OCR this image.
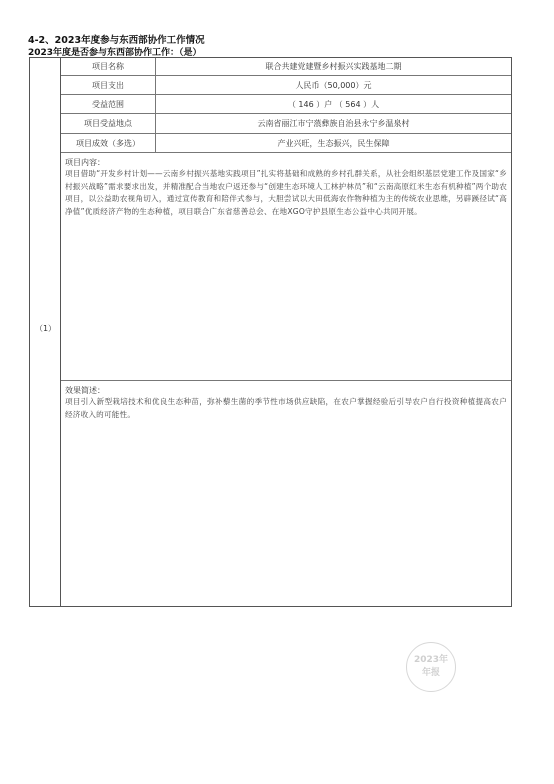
4-2、2023年度参与东西部协作工作情况
2023年度是否参与东西部协作工作：（是）
（1）
项目名称	联合共建党建暨乡村振兴实践基地二期
项目支出	人民币（50,000）元
受益范围	（ 146 ）户 （ 564 ）人
项目受益地点	云南省丽江市宁蒗彝族自治县永宁乡温泉村
项目成效（多选）	产业兴旺，生态振兴，民生保障
项目内容：
项目借助“开发乡村计划——云南乡村振兴基地实践项目”扎实将基础和成熟的乡村孔群关系，从社会组织基层党建工作及国家“乡村振兴战略”需求要求出发，并精准配合当地农户返还参与“创建生态环境人工林护林员”和“云南高原红米生态有机种植”两个助农项目，以公益助农视角切入，通过宣传教育和陪伴式参与，大胆尝试以大田低海农作物种植为主的传统农业思维，另辟蹊径试“高净值”优质经济产物的生态种植，项目联合广东省慈善总会、在地XGO守护县原生态公益中心共同开展。
效果简述：
项目引入新型栽培技术和优良生态种苗，弥补藜生菌的季节性市场供应缺陷，在农户掌握经验后引导农户自行投资种植提高农户经济收入的可能性。
2023年
年报
